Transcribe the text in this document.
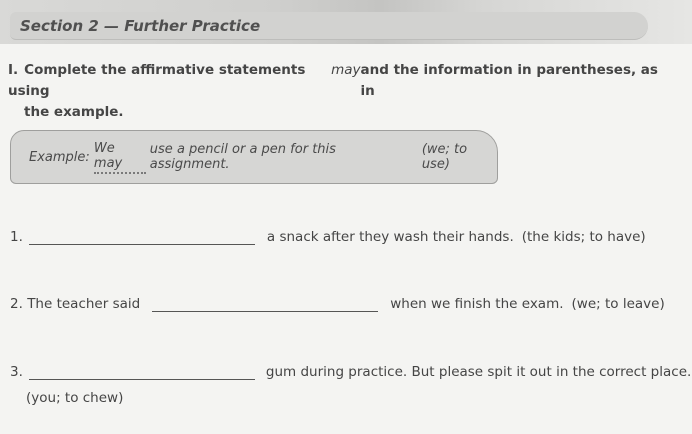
Section 2 — Further Practice
I. Complete the affirmative statements using
may and the information in parentheses, as in
the example.
Example:

We may

use a pencil or a pen for this assignment.
(we; to use)
1.	a snack after they wash their hands. (the kids; to have)
2.
The teacher said	when we finish the exam. (we; to leave)
3.	gum during practice. But please spit it out in the correct place.
(you; to chew)
